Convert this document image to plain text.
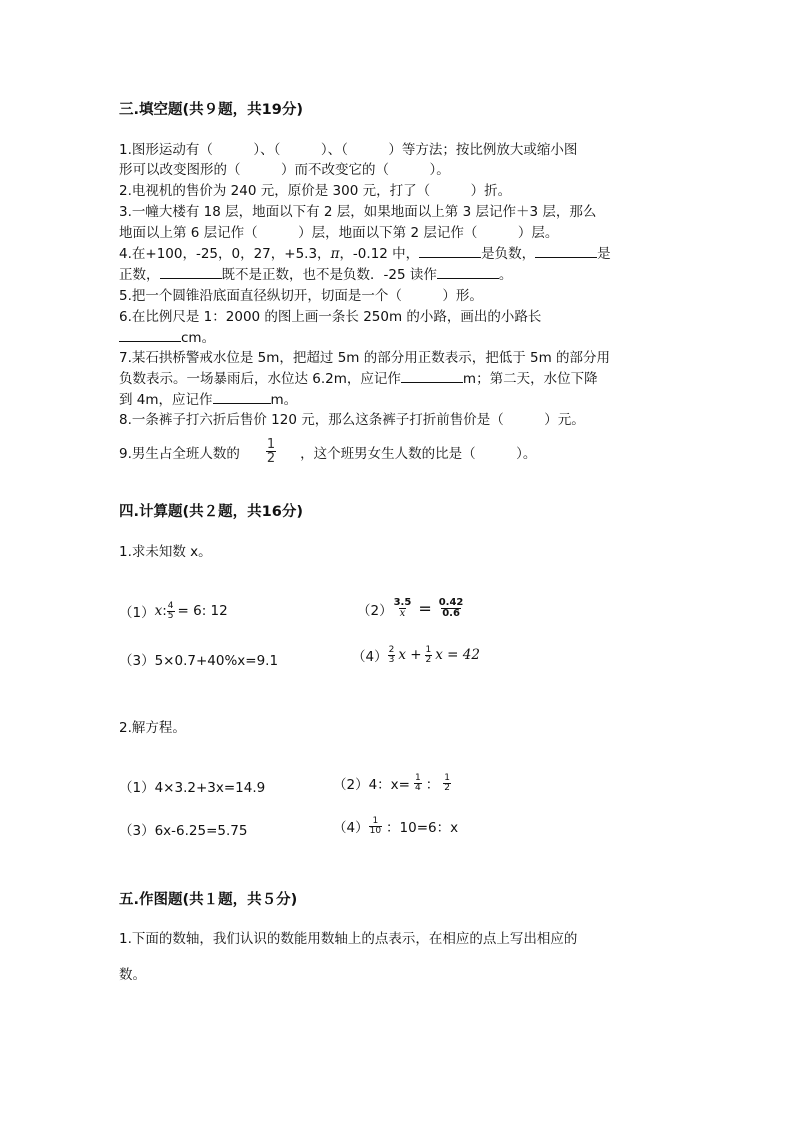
三.填空题(共９题，共19分)
1.图形运动有（　　　）、（　　　）、（　　　）等方法；按比例放大或缩小图
形可以改变图形的（　　　）而不改变它的（　　　）。
2.电视机的售价为 240 元，原价是 300 元，打了（　　　）折。
3.一幢大楼有 18 层，地面以下有 2 层，如果地面以上第 3 层记作＋3 层，那么
地面以上第 6 层记作（　　　）层，地面以下第 2 层记作（　　　）层。
4.在+100，-25，0，27，+5.3，π，-0.12 中，	是负数，	是
正数，	既不是正数，也不是负数．-25 读作	。
5.把一个圆锥沿底面直径纵切开，切面是一个（　　　）形。
6.在比例尺是 1：2000 的图上画一条长 250m 的小路，画出的小路长
cm。
7.某石拱桥警戒水位是 5m，把超过 5m 的部分用正数表示，把低于 5m 的部分用
负数表示。一场暴雨后，水位达 6.2m，应记作	m；第二天，水位下降
到 4m，应记作	m。
8.一条裤子打六折后售价 120 元，那么这条裤子打折前售价是（　　　）元。
9.男生占全班人数的 $\frac{1}{2}$ ，这个班男女生人数的比是（　　　）。
四.计算题(共２题，共16分)
1.求未知数 x。
（1） x : $\frac{4}{5} = 6$: 12	$(2) \frac{3.5}{x} = \frac{0.42}{0.6}$
（3）5×0.7+40%x=9.1	$(4) \frac{2}{3}$ $x + \frac{1}{2}$ x = 42
2.解方程。
（1）4×3.2+3x=14.9	（2）4：$x= \frac{1}{4}$ ： $\frac{1}{2}$
（3）6x-6.25=5.75	$(4) \frac{1}{10}$ ：10=6：x
五.作图题(共１题，共５分)
1.下面的数轴，我们认识的数能用数轴上的点表示，在相应的点上写出相应的
数。
